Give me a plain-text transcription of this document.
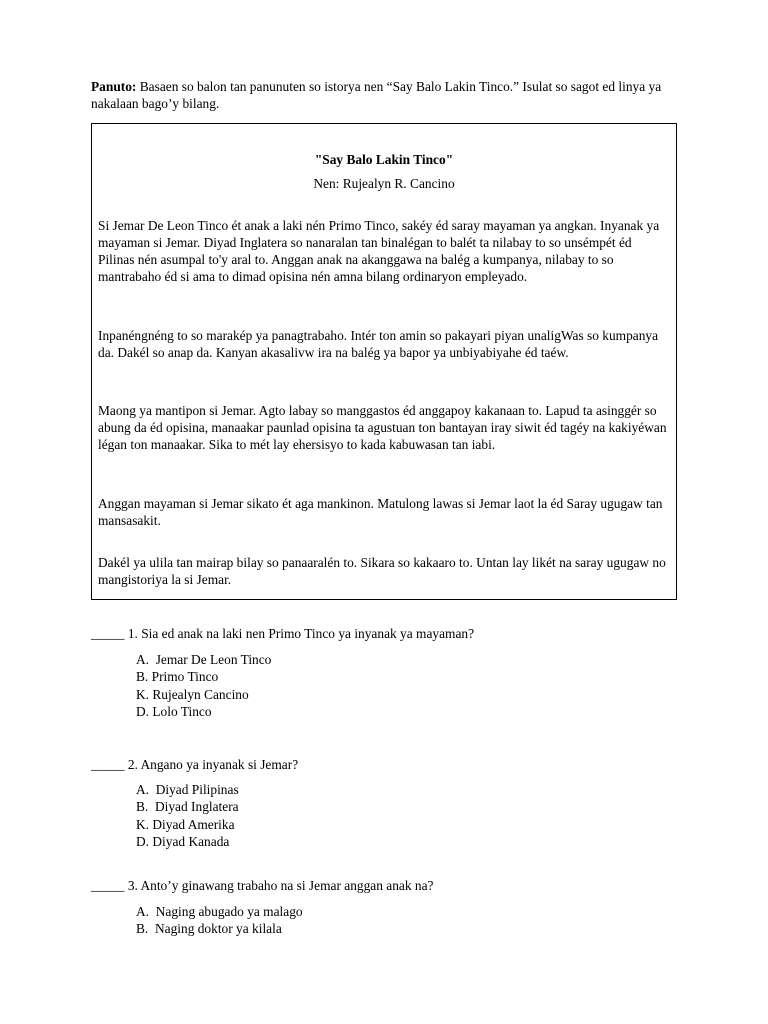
Panuto: Basaen so balon tan panunuten so istorya nen “Say Balo Lakin Tinco.” Isulat so sagot ed linya ya nakalaan bago’y bilang.
"Say Balo Lakin Tinco"
Nen: Rujealyn R. Cancino
Si Jemar De Leon Tinco ét anak a laki nén Primo Tinco, sakéy éd saray mayaman ya angkan. Inyanak ya mayaman si Jemar. Diyad Inglatera so nanaralan tan binalégan to balét ta nilabay to so unsémpét éd Pilinas nén asumpal to'y aral to. Anggan anak na akanggawa na balég a kumpanya, nilabay to so mantrabaho éd si ama to dimad opisina nén amna bilang ordinaryon empleyado.
Inpanéngnéng to so marakép ya panagtrabaho. Intér ton amin so pakayari piyan unaligWas so kumpanya da. Dakél so anap da. Kanyan akasalivw ira na balég ya bapor ya unbiyabiyahe éd taéw.
Maong ya mantipon si Jemar. Agto labay so manggastos éd anggapoy kakanaan to. Lapud ta asinggér so abung da éd opisina, manaakar paunlad opisina ta agustuan ton bantayan iray siwit éd tagéy na kakiyéwan légan ton manaakar. Sika to mét lay ehersisyo to kada kabuwasan tan iabi.
Anggan mayaman si Jemar sikato ét aga mankinon. Matulong lawas si Jemar laot la éd Saray ugugaw tan mansasakit.
Dakél ya ulila tan mairap bilay so panaaralén to. Sikara so kakaaro to. Untan lay likét na saray ugugaw no mangistoriya la si Jemar.
_____ 1. Sia ed anak na laki nen Primo Tinco ya inyanak ya mayaman?
A.  Jemar De Leon Tinco
B. Primo Tinco
K. Rujealyn Cancino
D. Lolo Tinco
_____ 2. Angano ya inyanak si Jemar?
A.  Diyad Pilipinas
B.  Diyad Inglatera
K. Diyad Amerika
D. Diyad Kanada
_____ 3. Anto’y ginawang trabaho na si Jemar anggan anak na?
A.  Naging abugado ya malago
B.  Naging doktor ya kilala
